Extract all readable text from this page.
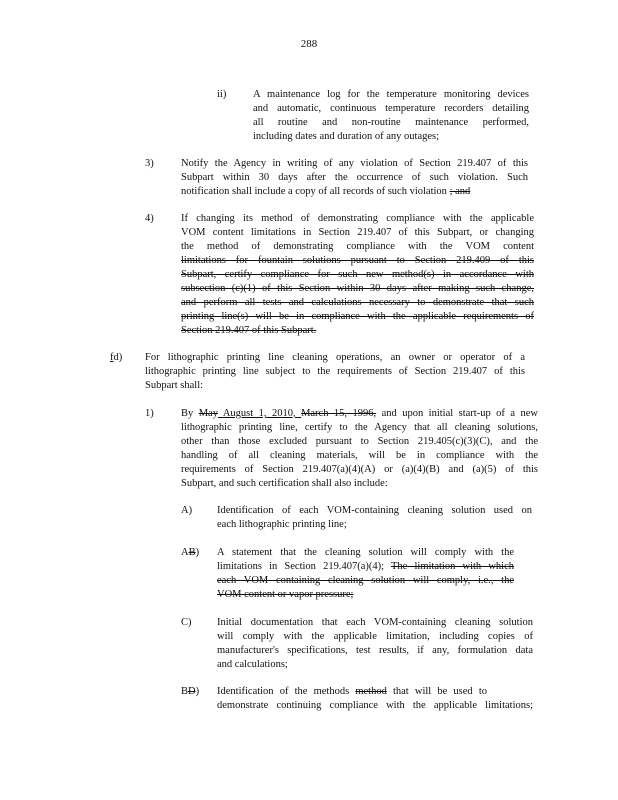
288
ii)	A maintenance log for the temperature monitoring devices
and automatic, continuous temperature recorders detailing
all routine and non-routine maintenance performed,
including dates and duration of any outages;
3)	Notify the Agency in writing of any violation of Section 219.407 of this
Subpart within 30 days after the occurrence of such violation. Such
notification shall include a copy of all records of such violation ; and
4)	If changing its method of demonstrating compliance with the applicable
VOM content limitations in Section 219.407 of this Subpart, or changing
the method of demonstrating compliance with the VOM content
limitations for fountain solutions pursuant to Section 219.409 of this
Subpart, certify compliance for such new method(s) in accordance with
subsection (c)(1) of this Section within 30 days after making such change,
and perform all tests and calculations necessary to demonstrate that such
printing line(s) will be in compliance with the applicable requirements of
Section 219.407 of this Subpart.
fd) For lithographic printing line cleaning operations, an owner or operator of a
lithographic printing line subject to the requirements of Section 219.407 of this
Subpart shall:
1)	By May August 1, 2010, March 15, 1996, and upon initial start-up of a new
lithographic printing line, certify to the Agency that all cleaning solutions,
other than those excluded pursuant to Section 219.405(c)(3)(C), and the
handling of all cleaning materials, will be in compliance with the
requirements of Section 219.407(a)(4)(A) or (a)(4)(B) and (a)(5) of this
Subpart, and such certification shall also include:
A) Identification of each VOM-containing cleaning solution used on
each lithographic printing line;
AB) A statement that the cleaning solution will comply with the
limitations in Section 219.407(a)(4); The limitation with which
each VOM containing cleaning solution will comply, i.e., the
VOM content or vapor pressure;
C) Initial documentation that each VOM-containing cleaning solution
will comply with the applicable limitation, including copies of
manufacturer's specifications, test results, if any, formulation data
and calculations;
BD) Identification of the methods method that will be used to
demonstrate continuing compliance with the applicable limitations;
